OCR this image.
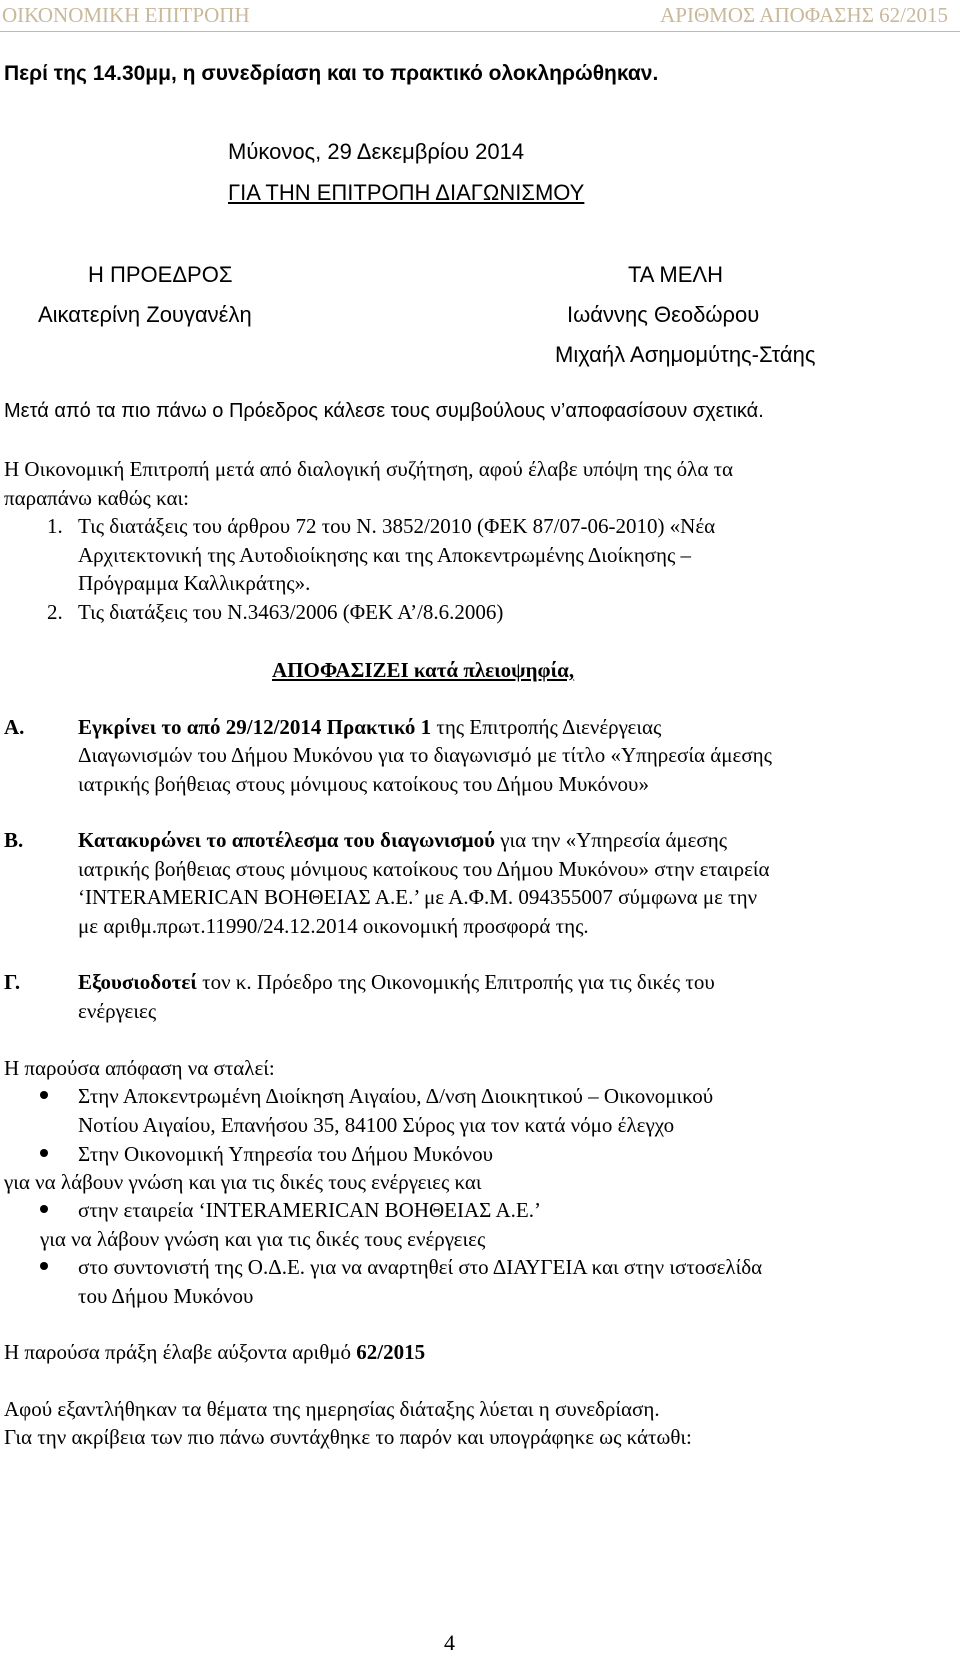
ΟΙΚΟΝΟΜΙΚΗ ΕΠΙΤΡΟΠΗ	ΑΡΙΘΜΟΣ ΑΠΟΦΑΣΗΣ 62/2015
Περί της 14.30μμ, η συνεδρίαση και το πρακτικό ολοκληρώθηκαν.
Μύκονος, 29 Δεκεμβρίου 2014
ΓΙΑ ΤΗΝ ΕΠΙΤΡΟΠΗ ΔΙΑΓΩΝΙΣΜΟΥ
Η ΠΡΟΕΔΡΟΣ
Αικατερίνη Ζουγανέλη
ΤΑ ΜΕΛΗ
Ιωάννης Θεοδώρου
Μιχαήλ Ασημομύτης-Στάης
Μετά από τα πιο πάνω ο Πρόεδρος κάλεσε τους συμβούλους ν’αποφασίσουν σχετικά.
Η Οικονομική Επιτροπή μετά από διαλογική συζήτηση, αφού έλαβε υπόψη της όλα τα
παραπάνω καθώς και:
1. Τις διατάξεις του άρθρου 72 του Ν. 3852/2010 (ΦΕΚ 87/07-06-2010) «Νέα
Αρχιτεκτονική της Αυτοδιοίκησης και της Αποκεντρωμένης Διοίκησης –
Πρόγραμμα Καλλικράτης».
2. Τις διατάξεις του Ν.3463/2006 (ΦΕΚ Α’/8.6.2006)
ΑΠΟΦΑΣΙΖΕΙ κατά πλειοψηφία,
Α.	Εγκρίνει το από 29/12/2014 Πρακτικό 1 της Επιτροπής Διενέργειας
Διαγωνισμών του Δήμου Μυκόνου για το διαγωνισμό με τίτλο «Υπηρεσία άμεσης
ιατρικής βοήθειας στους μόνιμους κατοίκους του Δήμου Μυκόνου»
Β.	Κατακυρώνει το αποτέλεσμα του διαγωνισμού για την «Υπηρεσία άμεσης
ιατρικής βοήθειας στους μόνιμους κατοίκους του Δήμου Μυκόνου» στην εταιρεία
‘INTERAMERICAN ΒΟΗΘΕΙΑΣ Α.Ε.’ με Α.Φ.Μ. 094355007 σύμφωνα με την
με αριθμ.πρωτ.11990/24.12.2014 οικονομική προσφορά της.
Γ.	Εξουσιοδοτεί τον κ. Πρόεδρο της Οικονομικής Επιτροπής για τις δικές του
ενέργειες
Η παρούσα απόφαση να σταλεί:
Στην Αποκεντρωμένη Διοίκηση Αιγαίου, Δ/νση Διοικητικού – Οικονομικού
Νοτίου Αιγαίου, Επανήσου 35, 84100 Σύρος για τον κατά νόμο έλεγχο
Στην Οικονομική Υπηρεσία του Δήμου Μυκόνου
για να λάβουν γνώση και για τις δικές τους ενέργειες και
στην εταιρεία ‘INTERAMERICAN ΒΟΗΘΕΙΑΣ Α.Ε.’
για να λάβουν γνώση και για τις δικές τους ενέργειες
στο συντονιστή της Ο.Δ.Ε. για να αναρτηθεί στο ΔΙΑΥΓΕΙΑ και στην ιστοσελίδα
του Δήμου Μυκόνου
Η παρούσα πράξη έλαβε αύξοντα αριθμό 62/2015
Αφού εξαντλήθηκαν τα θέματα της ημερησίας διάταξης λύεται η συνεδρίαση.
Για την ακρίβεια των πιο πάνω συντάχθηκε το παρόν και υπογράφηκε ως κάτωθι:
4
